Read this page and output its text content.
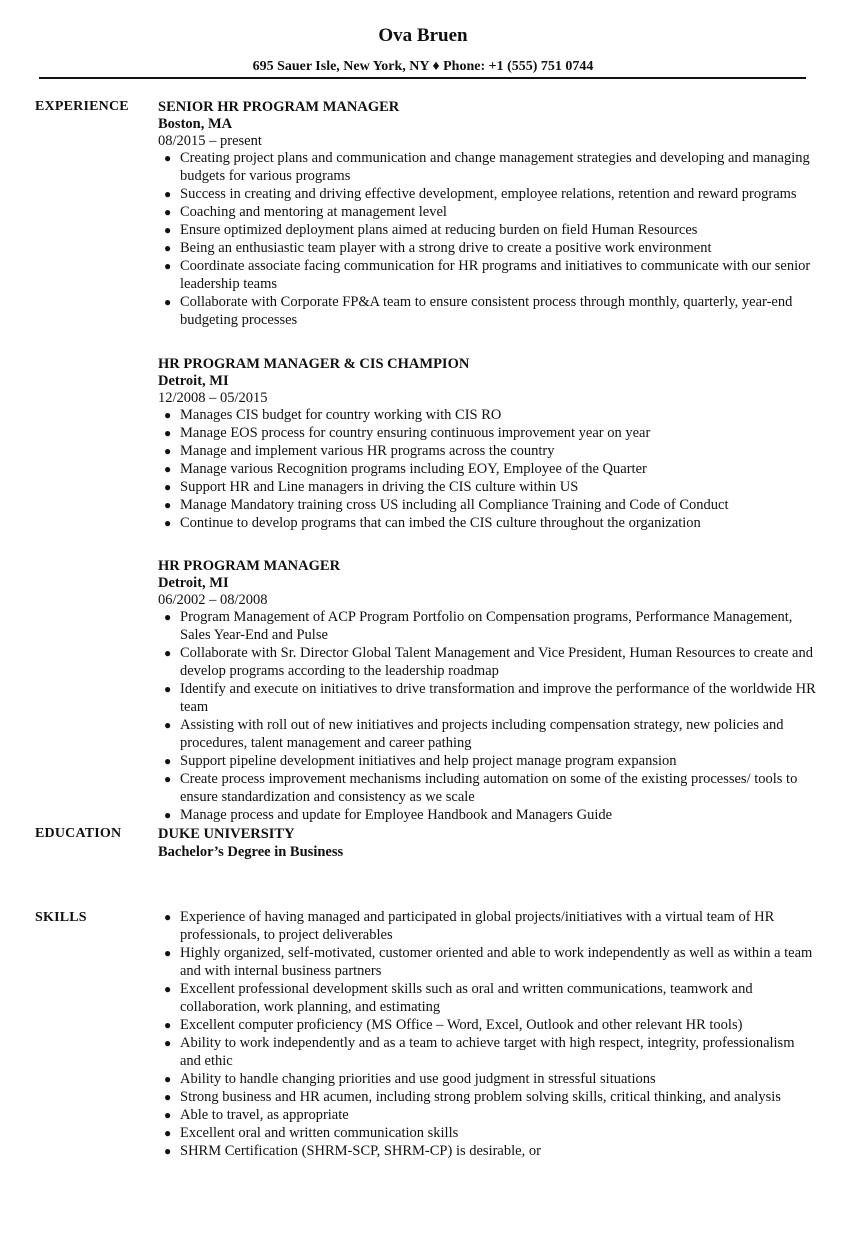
Ova Bruen
695 Sauer Isle, New York, NY ♦ Phone: +1 (555) 751 0744
EXPERIENCE SENIOR HR PROGRAM MANAGER
Boston, MA
08/2015 – present
● Creating project plans and communication and change management strategies and developing and managing budgets for various programs
● Success in creating and driving effective development, employee relations, retention and reward programs
● Coaching and mentoring at management level
● Ensure optimized deployment plans aimed at reducing burden on field Human Resources
● Being an enthusiastic team player with a strong drive to create a positive work environment
● Coordinate associate facing communication for HR programs and initiatives to communicate with our senior leadership teams
● Collaborate with Corporate FP&A team to ensure consistent process through monthly, quarterly, year-end budgeting processes
HR PROGRAM MANAGER & CIS CHAMPION
Detroit, MI
12/2008 – 05/2015
● Manages CIS budget for country working with CIS RO
● Manage EOS process for country ensuring continuous improvement year on year
● Manage and implement various HR programs across the country
● Manage various Recognition programs including EOY, Employee of the Quarter
● Support HR and Line managers in driving the CIS culture within US
● Manage Mandatory training cross US including all Compliance Training and Code of Conduct
● Continue to develop programs that can imbed the CIS culture throughout the organization
HR PROGRAM MANAGER
Detroit, MI
06/2002 – 08/2008
● Program Management of ACP Program Portfolio on Compensation programs, Performance Management, Sales Year-End and Pulse
● Collaborate with Sr. Director Global Talent Management and Vice President, Human Resources to create and develop programs according to the leadership roadmap
● Identify and execute on initiatives to drive transformation and improve the performance of the worldwide HR team
● Assisting with roll out of new initiatives and projects including compensation strategy, new policies and procedures, talent management and career pathing
● Support pipeline development initiatives and help project manage program expansion
● Create process improvement mechanisms including automation on some of the existing processes/ tools to ensure standardization and consistency as we scale
● Manage process and update for Employee Handbook and Managers Guide
EDUCATION	DUKE UNIVERSITY
Bachelor’s Degree in Business
SKILLS	● Experience of having managed and participated in global projects/initiatives with a virtual team of HR professionals, to project deliverables
● Highly organized, self-motivated, customer oriented and able to work independently as well as within a team and with internal business partners
● Excellent professional development skills such as oral and written communications, teamwork and collaboration, work planning, and estimating
● Excellent computer proficiency (MS Office – Word, Excel, Outlook and other relevant HR tools)
● Ability to work independently and as a team to achieve target with high respect, integrity, professionalism and ethic
● Ability to handle changing priorities and use good judgment in stressful situations
● Strong business and HR acumen, including strong problem solving skills, critical thinking, and analysis
● Able to travel, as appropriate
● Excellent oral and written communication skills
● SHRM Certification (SHRM-SCP, SHRM-CP) is desirable, or
